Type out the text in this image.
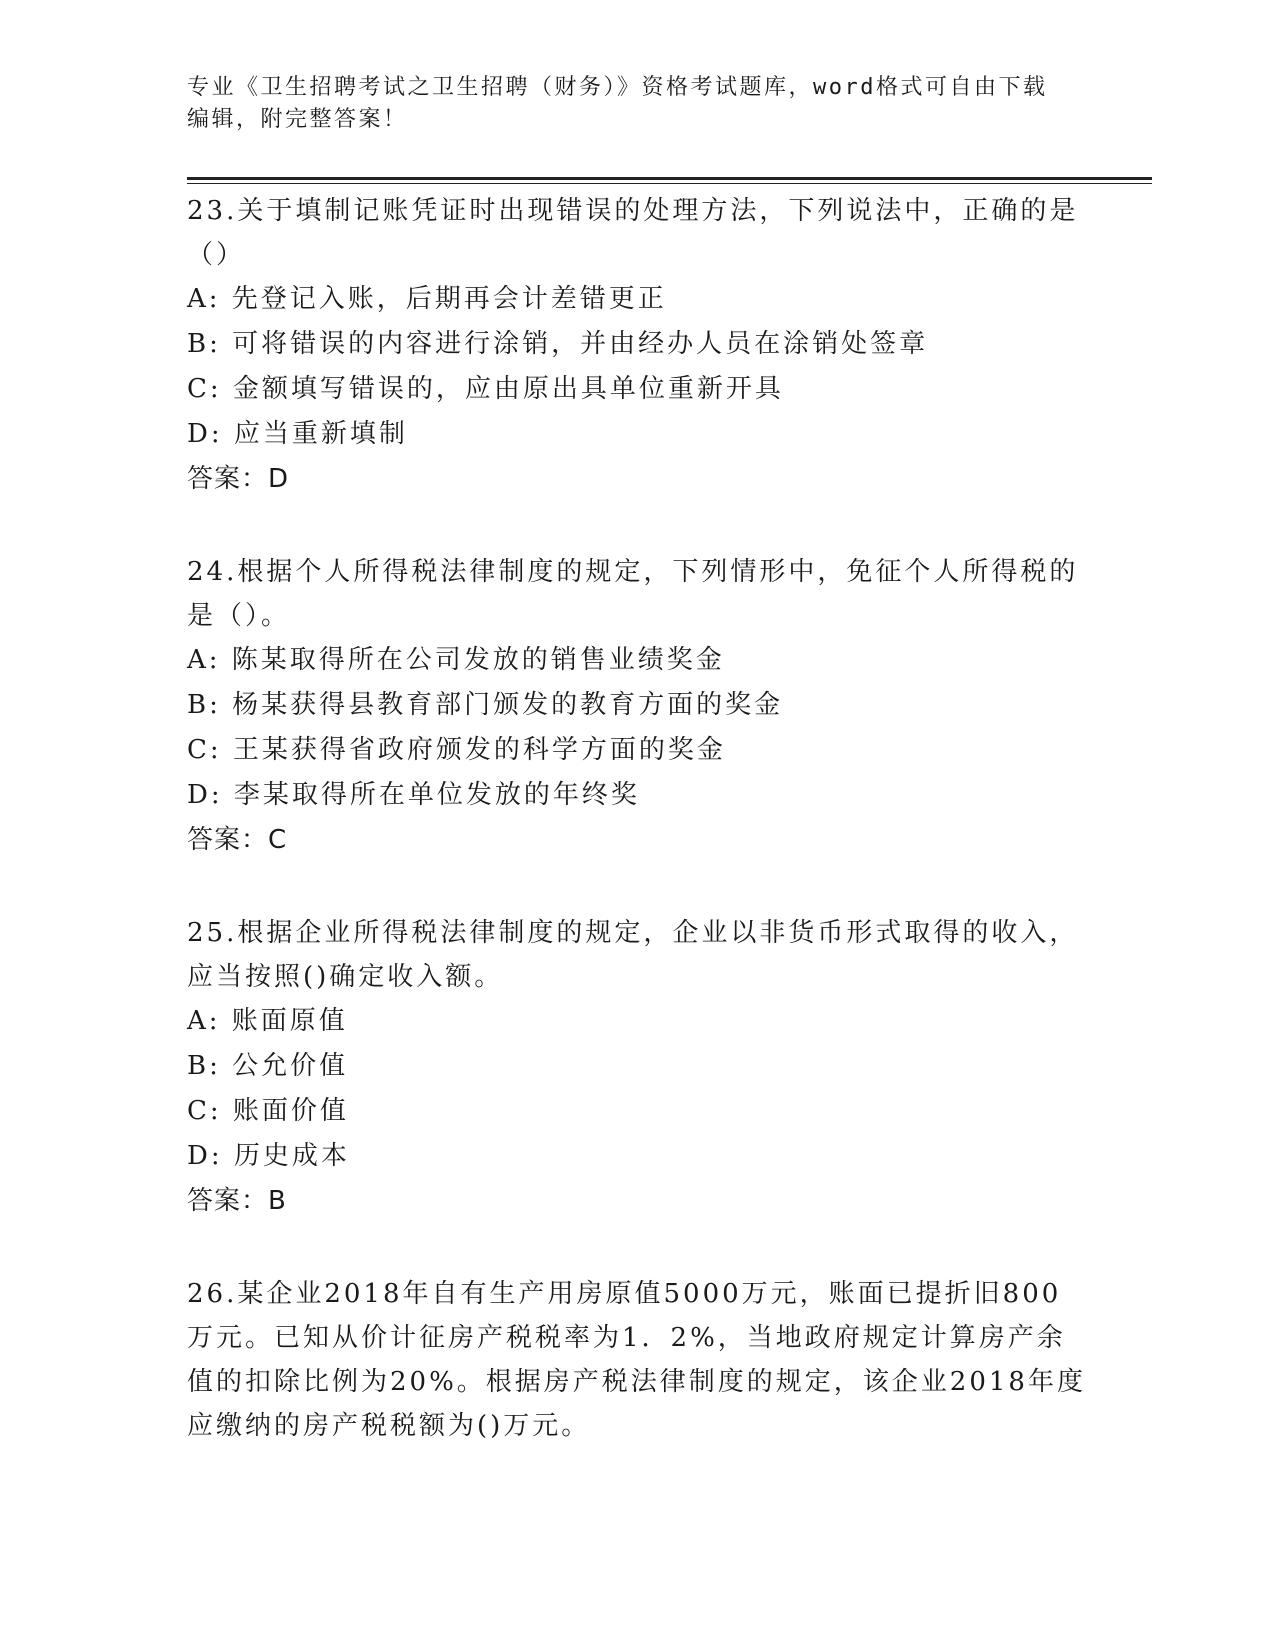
专业《卫生招聘考试之卫生招聘（财务）》资格考试题库，word格式可自由下载编辑，附完整答案！

23.关于填制记账凭证时出现错误的处理方法，下列说法中，正确的是（）

A: 先登记入账，后期再会计差错更正

B: 可将错误的内容进行涂销，并由经办人员在涂销处签章

C: 金额填写错误的，应由原出具单位重新开具

D: 应当重新填制

答案：D

24.根据个人所得税法律制度的规定，下列情形中，免征个人所得税的是（）。

A: 陈某取得所在公司发放的销售业绩奖金

B: 杨某获得县教育部门颁发的教育方面的奖金

C: 王某获得省政府颁发的科学方面的奖金

D: 李某取得所在单位发放的年终奖

答案：C

25.根据企业所得税法律制度的规定，企业以非货币形式取得的收入，应当按照()确定收入额。

A: 账面原值

B: 公允价值

C: 账面价值

D: 历史成本

答案：B

26.某企业2018年自有生产用房原值5000万元，账面已提折旧800万元。已知从价计征房产税税率为1．2%，当地政府规定计算房产余值的扣除比例为20%。根据房产税法律制度的规定，该企业2018年度应缴纳的房产税税额为()万元。
